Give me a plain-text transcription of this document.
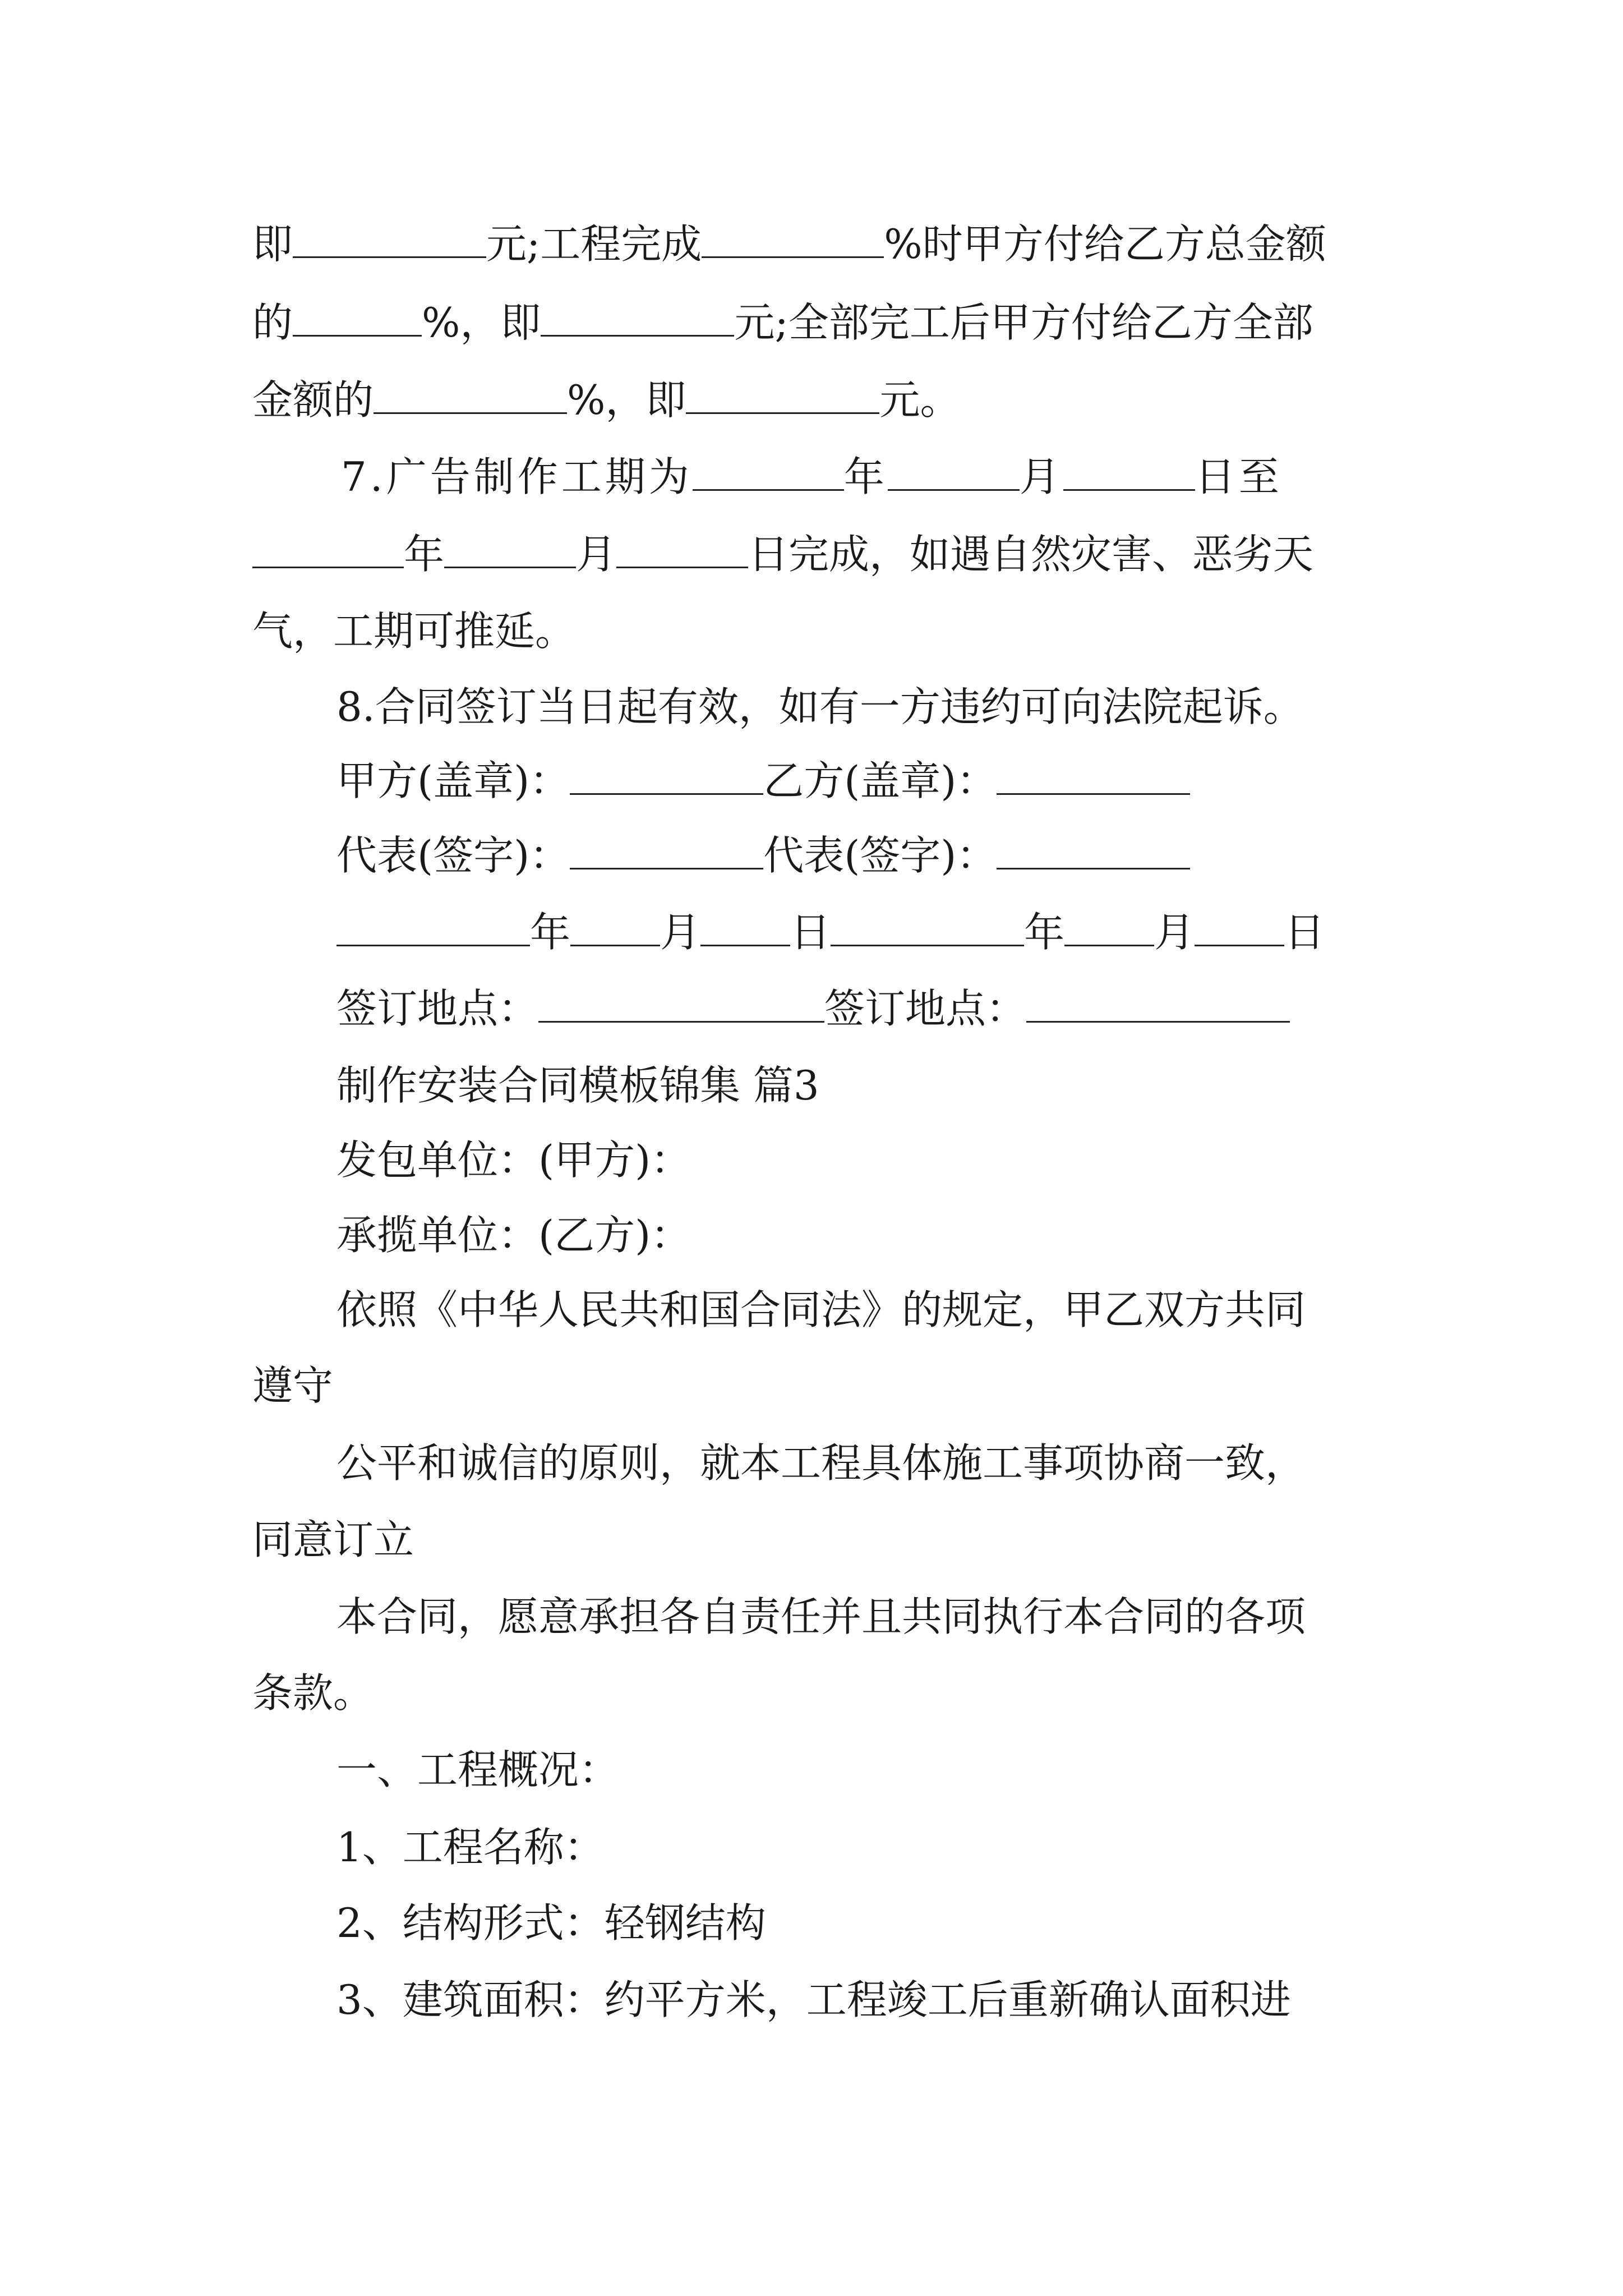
即	元;工程完成	%时甲方付给乙方总金额
的	%，即	元;全部完工后甲方付给乙方全部
金额的	%，即	元。
7.广告制作工期为	年	月	日至
年	月	日完成，如遇自然灾害、恶劣天
气，工期可推延。
8.合同签订当日起有效，如有一方违约可向法院起诉。
甲方(盖章)：	乙方(盖章)：
代表(签字)：	代表(签字)：
年 月 日	年 月 日
签订地点：	签订地点：
制作安装合同模板锦集 篇3
发包单位：(甲方)：
承揽单位：(乙方)：
依照《中华人民共和国合同法》的规定，甲乙双方共同
遵守
公平和诚信的原则，就本工程具体施工事项协商一致，
同意订立
本合同，愿意承担各自责任并且共同执行本合同的各项
条款。
一、工程概况：
1、工程名称：
2、结构形式：轻钢结构
3、建筑面积：约平方米，工程竣工后重新确认面积进
